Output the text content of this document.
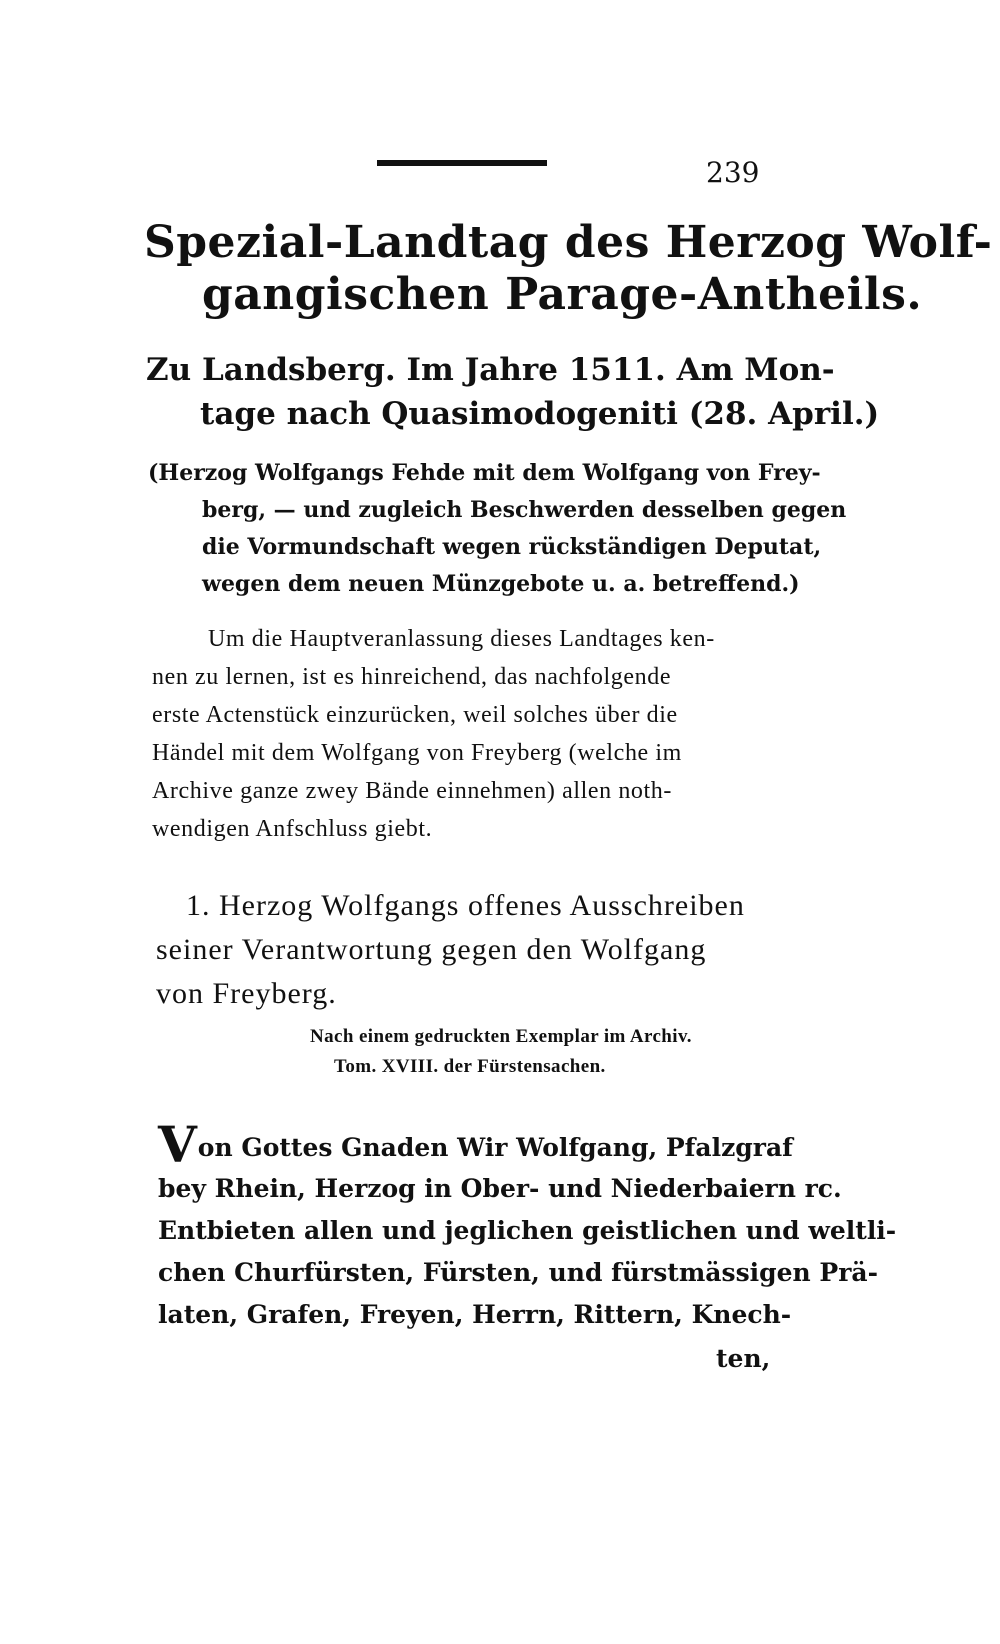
239
Spezial-Landtag des Herzog Wolf-
gangischen Parage-Antheils.
Zu Landsberg. Im Jahre 1511. Am Mon-
tage nach Quasimodogeniti (28. April.)
(Herzog Wolfgangs Fehde mit dem Wolfgang von Frey-
berg, — und zugleich Beschwerden desselben gegen
die Vormundschaft wegen rückständigen Deputat,
wegen dem neuen Münzgebote u. a. betreffend.)
Um die Hauptveranlassung dieses Landtages ken-
nen zu lernen, ist es hinreichend, das nachfolgende
erste Actenstück einzurücken, weil solches über die
Händel mit dem Wolfgang von Freyberg (welche im
Archive ganze zwey Bände einnehmen) allen noth-
wendigen Anfschluss giebt.
1. Herzog Wolfgangs offenes Ausschreiben
seiner Verantwortung gegen den Wolfgang
von Freyberg.
Nach einem gedruckten Exemplar im Archiv.
Tom. XVIII. der Fürstensachen.
Von Gottes Gnaden Wir Wolfgang, Pfalzgraf
bey Rhein, Herzog in Ober- und Niederbaiern rc.
Entbieten allen und jeglichen geistlichen und weltli-
chen Churfürsten, Fürsten, und fürstmässigen Prä-
laten, Grafen, Freyen, Herrn, Rittern, Knech-
ten,
